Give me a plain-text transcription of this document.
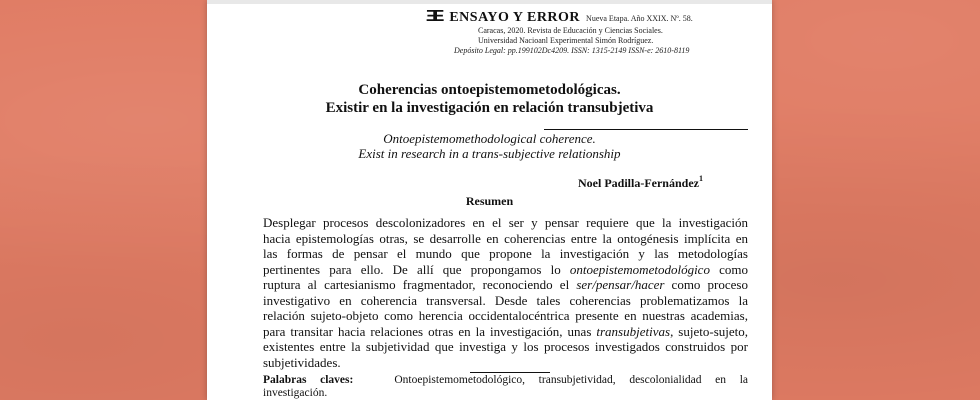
ƎE ENSAYO Y ERROR Nueva Etapa. Año XXIX. Nº. 58.
Caracas, 2020. Revista de Educación y Ciencias Sociales.
Universidad Nacioanl Experimental Simón Rodríguez.
Depósito Legal: pp.199102Dc4209. ISSN: 1315-2149 ISSN-e: 2610-8119
Coherencias ontoepistemometodológicas.
Existir en la investigación en relación transubjetiva
Ontoepistemomethodological coherence.
Exist in research in a trans-subjective relationship
Noel Padilla-Fernández$^1$
Resumen
Desplegar procesos descolonizadores en el ser y pensar requiere que la investigación
hacia epistemologías otras, se desarrolle en coherencias entre la ontogénesis implícita en
las formas de pensar el mundo que propone la investigación y las metodologías
pertinentes para ello. De allí que propongamos lo ontoepistemometodológico como
ruptura al cartesianismo fragmentador, reconociendo el ser/pensar/hacer como proceso
investigativo en coherencia transversal. Desde tales coherencias problematizamos la
relación sujeto-objeto como herencia occidentalocéntrica presente en nuestras academias,
para transitar hacia relaciones otras en la investigación, unas transubjetivas, sujeto-sujeto,
existentes entre la subjetividad que investiga y los procesos investigados construidos por
subjetividades.
Palabras claves:	Ontoepistemometodológico, transubjetividad, descolonialidad en la
investigación.
